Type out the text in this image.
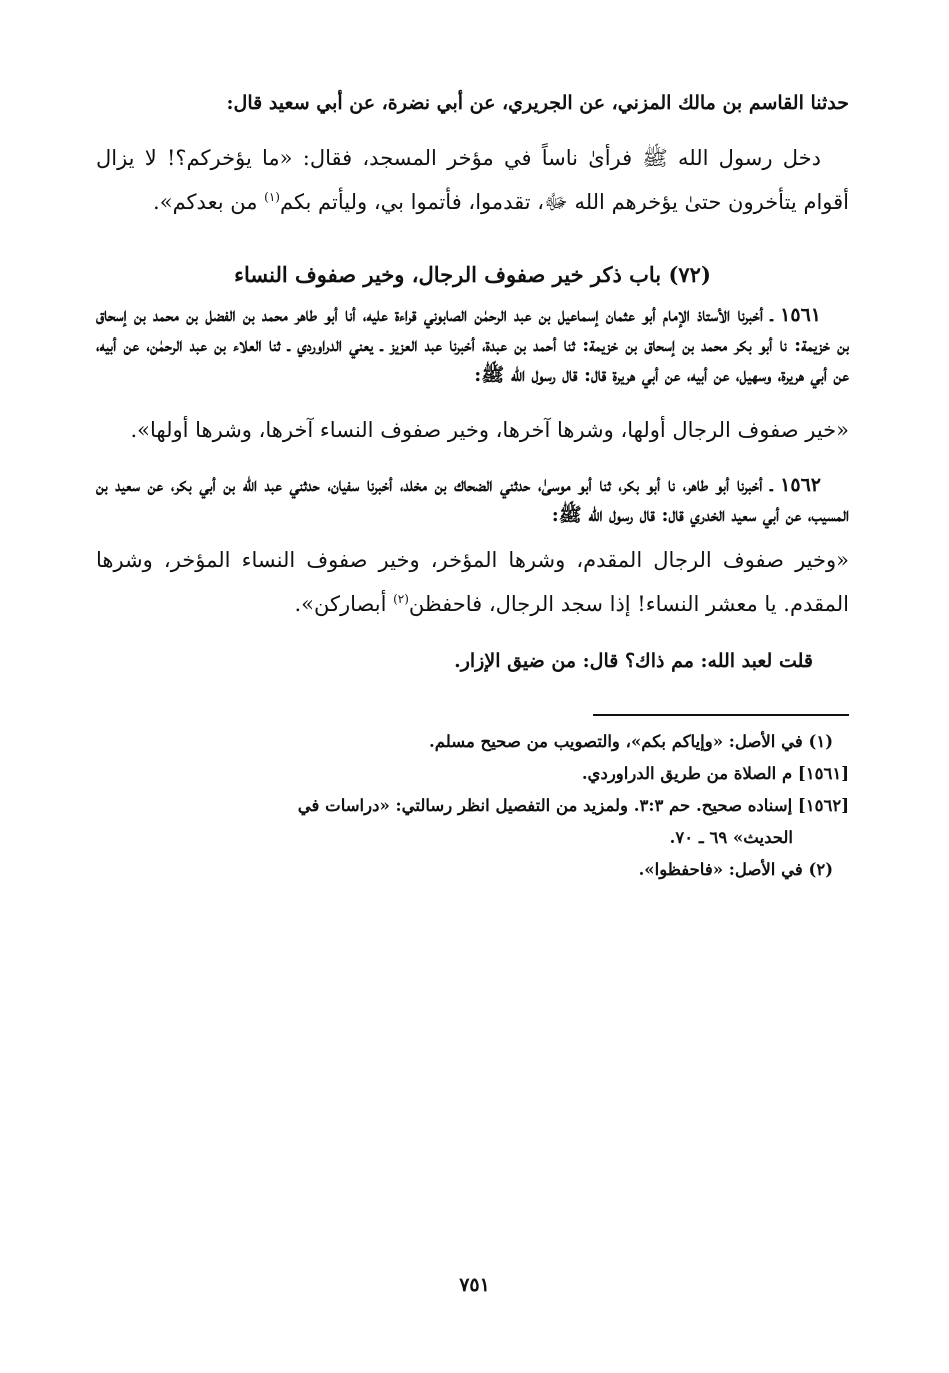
حدثنا القاسم بن مالك المزني، عن الجريري، عن أبي نضرة، عن أبي سعيد قال:

دخل رسول الله ﷺ فرأىٰ ناساً في مؤخر المسجد، فقال: «ما يؤخركم؟! لا يزال أقوام يتأخرون حتىٰ يؤخرهم الله ﷻ، تقدموا، فأتموا بي، وليأتم بكم$^{(١)}$ من بعدكم».

(٧٢) باب ذكر خير صفوف الرجال، وخير صفوف النساء

١٥٦١ ـ أخبرنا الأستاذ الإمام أبو عثمان إسماعيل بن عبد الرحمٰن الصابوني قراءة عليه، أنا أبو طاهر محمد بن الفضل بن محمد بن إسحاق بن خزيمة: نا أبو بكر محمد بن إسحاق بن خزيمة: ثنا أحمد بن عبدة، أخبرنا عبد العزيز ـ يعني الدراوردي ـ ثنا العلاء بن عبد الرحمٰن، عن أبيه، عن أبي هريرة، وسهيل، عن أبيه، عن أبي هريرة قال: قال رسول الله ﷺ:

«خير صفوف الرجال أولها، وشرها آخرها، وخير صفوف النساء آخرها، وشرها أولها».

١٥٦٢ ـ أخبرنا أبو طاهر، نا أبو بكر، ثنا أبو موسىٰ، حدثني الضحاك بن مخلد، أخبرنا سفيان، حدثني عبد الله بن أبي بكر، عن سعيد بن المسيب، عن أبي سعيد الخدري قال: قال رسول الله ﷺ:

«وخير صفوف الرجال المقدم، وشرها المؤخر، وخير صفوف النساء المؤخر، وشرها المقدم. يا معشر النساء! إذا سجد الرجال، فاحفظن$^{(٢)}$ أبصاركن».

قلت لعبد الله: مم ذاك؟ قال: من ضيق الإزار.

(١) في الأصل: «وإياكم بكم»، والتصويب من صحيح مسلم.

[١٥٦١] م الصلاة من طريق الدراوردي.

[١٥٦٢] إسناده صحيح. حم ٣:٣. ولمزيد من التفصيل انظر رسالتي: «دراسات في

الحديث» ٦٩ ـ ٧٠.

(٢) في الأصل: «فاحفظوا».

٧٥١
